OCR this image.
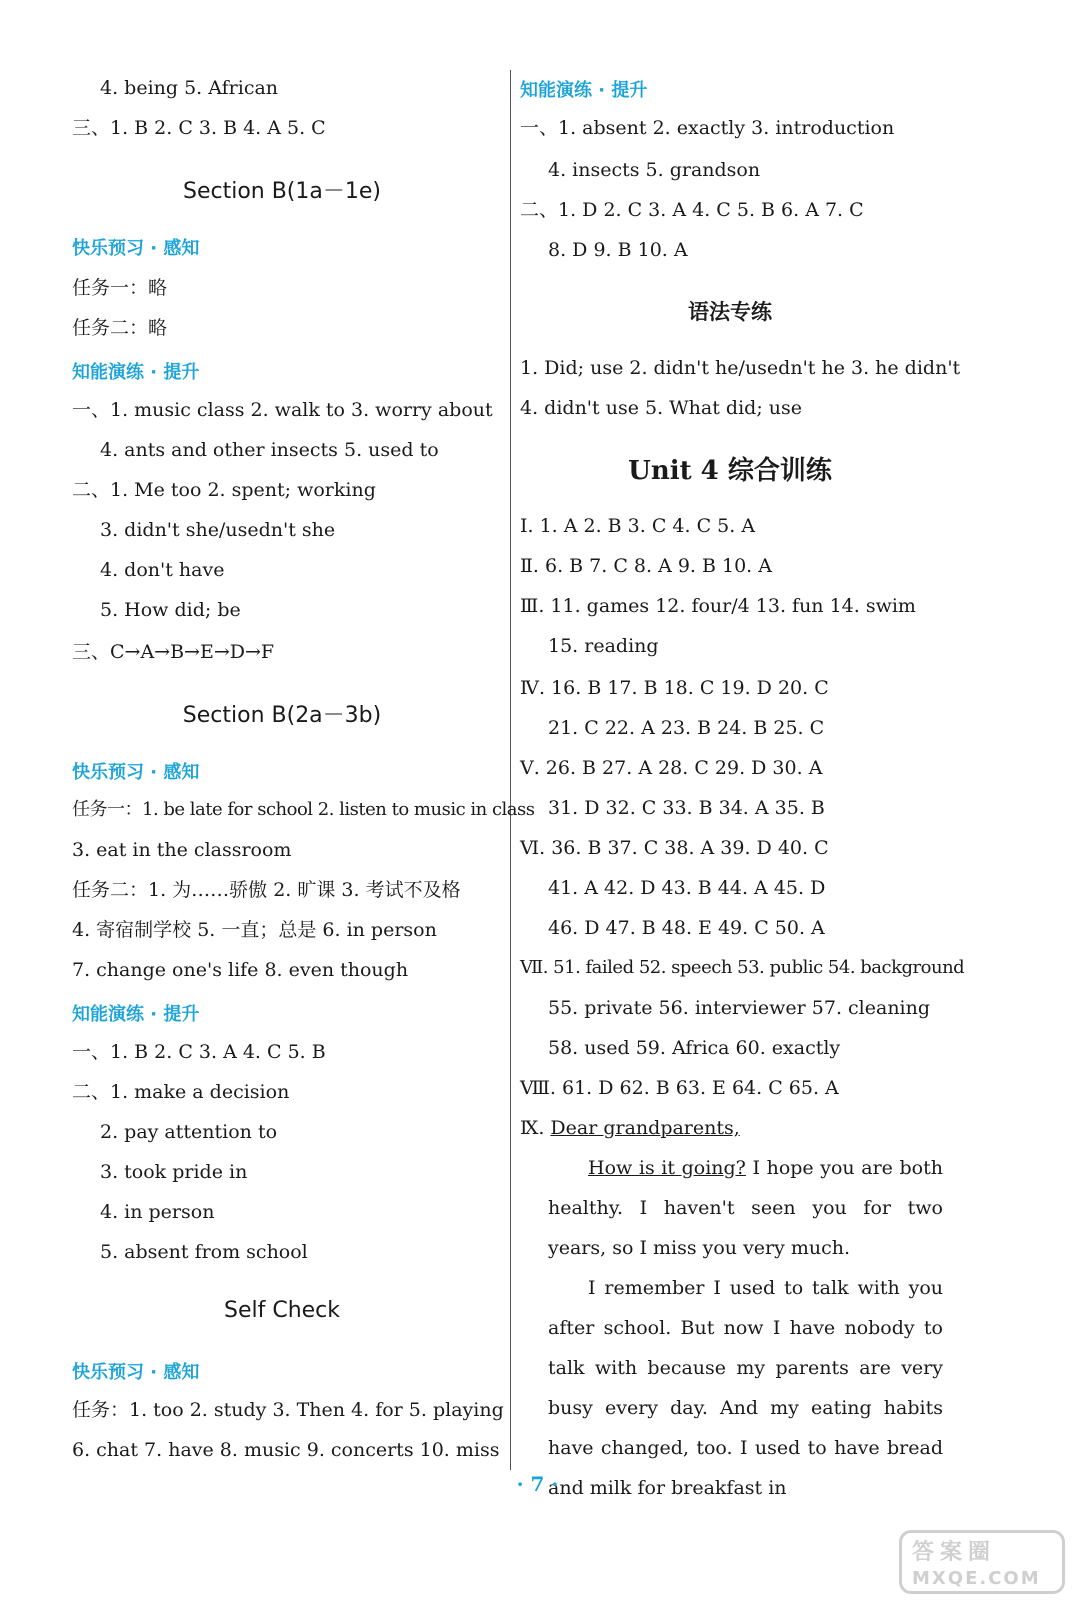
4. being 5. African
三、1. B 2. C 3. B 4. A 5. C
Section B(1a－1e)
快乐预习 · 感知
任务一：略
任务二：略
知能演练 · 提升
一、1. music class 2. walk to 3. worry about
4. ants and other insects 5. used to
二、1. Me too 2. spent; working
3. didn't she/usedn't she
4. don't have
5. How did; be
三、C→A→B→E→D→F
Section B(2a－3b)
快乐预习 · 感知
任务一：1. be late for school 2. listen to music in class
3. eat in the classroom
任务二：1. 为……骄傲 2. 旷课 3. 考试不及格
4. 寄宿制学校 5. 一直；总是 6. in person
7. change one's life 8. even though
知能演练 · 提升
一、1. B 2. C 3. A 4. C 5. B
二、1. make a decision
2. pay attention to
3. took pride in
4. in person
5. absent from school
Self Check
快乐预习 · 感知
任务：1. too 2. study 3. Then 4. for 5. playing
6. chat 7. have 8. music 9. concerts 10. miss
知能演练 · 提升
一、1. absent 2. exactly 3. introduction
4. insects 5. grandson
二、1. D 2. C 3. A 4. C 5. B 6. A 7. C
8. D 9. B 10. A
语法专练
1. Did; use 2. didn't he/usedn't he 3. he didn't
4. didn't use 5. What did; use
Unit 4 综合训练
Ⅰ. 1. A 2. B 3. C 4. C 5. A
Ⅱ. 6. B 7. C 8. A 9. B 10. A
Ⅲ. 11. games 12. four/4 13. fun 14. swim
15. reading
Ⅳ. 16. B 17. B 18. C 19. D 20. C
21. C 22. A 23. B 24. B 25. C
Ⅴ. 26. B 27. A 28. C 29. D 30. A
31. D 32. C 33. B 34. A 35. B
Ⅵ. 36. B 37. C 38. A 39. D 40. C
41. A 42. D 43. B 44. A 45. D
46. D 47. B 48. E 49. C 50. A
Ⅶ. 51. failed 52. speech 53. public 54. background
55. private 56. interviewer 57. cleaning
58. used 59. Africa 60. exactly
Ⅷ. 61. D 62. B 63. E 64. C 65. A
Ⅸ. Dear grandparents,
How is it going? I hope you are both healthy. I haven't seen you for two years, so I miss you very much.
I remember I used to talk with you after school. But now I have nobody to talk with because my parents are very busy every day. And my eating habits have changed, too. I used to have bread and milk for breakfast in
· 7 ·
答案圈
MXQE.COM
